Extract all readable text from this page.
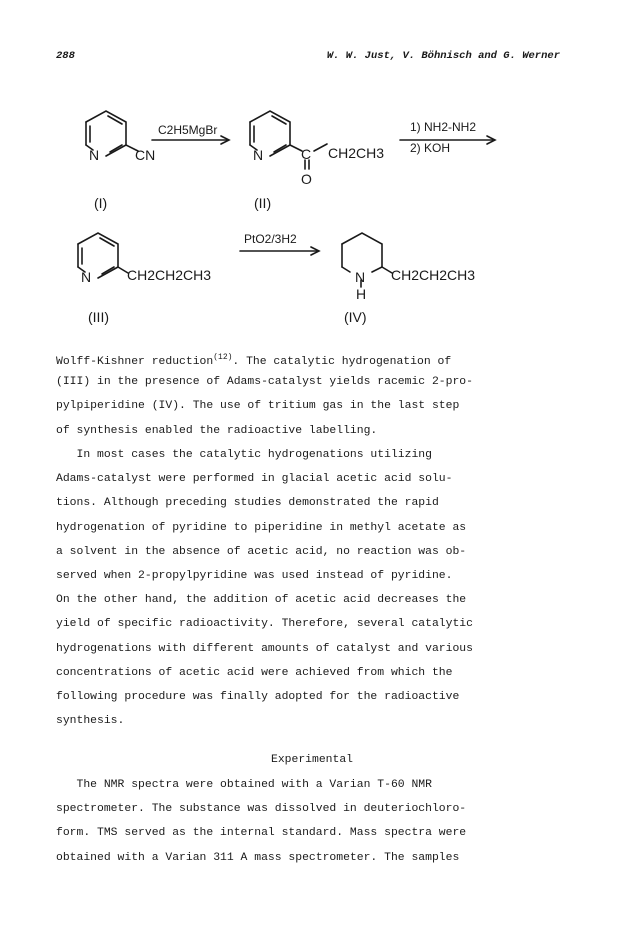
288	W. W. Just, V. Böhnisch and G. Werner
N	CN
(I)
C2H5MgBr
N	C
O
CH2CH3
(II)
1) NH2-NH2
2) KOH
N	CH2CH2CH3
(III)
PtO2/3H2
N
H
CH2CH2CH3
(IV)
Wolff-Kishner reduction$^{(12)}$. The catalytic hydrogenation of
(III) in the presence of Adams-catalyst yields racemic 2-pro-
pylpiperidine (IV). The use of tritium gas in the last step
of synthesis enabled the radioactive labelling.
In most cases the catalytic hydrogenations utilizing
Adams-catalyst were performed in glacial acetic acid solu-
tions. Although preceding studies demonstrated the rapid
hydrogenation of pyridine to piperidine in methyl acetate as
a solvent in the absence of acetic acid, no reaction was ob-
served when 2-propylpyridine was used instead of pyridine.
On the other hand, the addition of acetic acid decreases the
yield of specific radioactivity. Therefore, several catalytic
hydrogenations with different amounts of catalyst and various
concentrations of acetic acid were achieved from which the
following procedure was finally adopted for the radioactive
synthesis.
Experimental
The NMR spectra were obtained with a Varian T-60 NMR
spectrometer. The substance was dissolved in deuteriochloro-
form. TMS served as the internal standard. Mass spectra were
obtained with a Varian 311 A mass spectrometer. The samples
